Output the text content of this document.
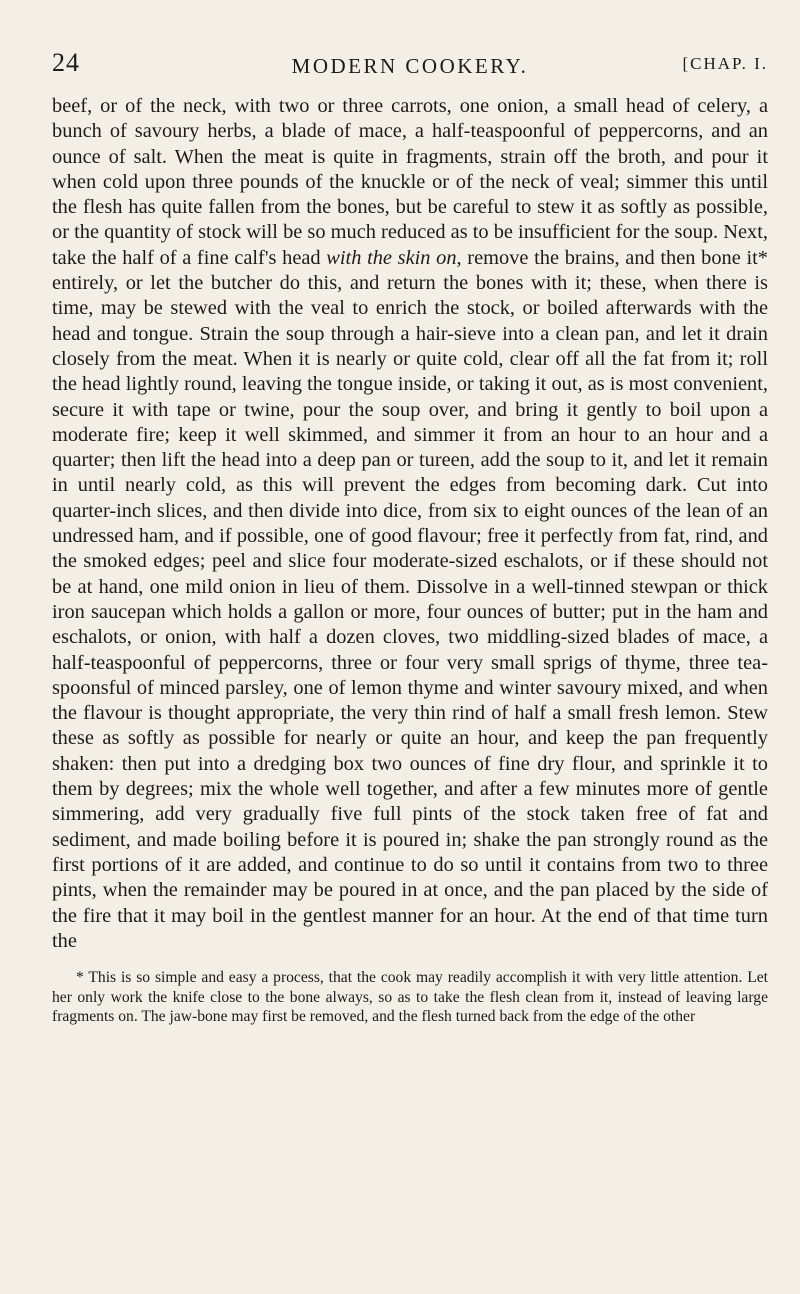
24	MODERN COOKERY.	[CHAP. I.

beef, or of the neck, with two or three carrots, one onion, a small head of celery, a bunch of savoury herbs, a blade of mace, a half-teaspoonful of peppercorns, and an ounce of salt. When the meat is quite in fragments, strain off the broth, and pour it when cold upon three pounds of the knuckle or of the neck of veal; simmer this until the flesh has quite fallen from the bones, but be careful to stew it as softly as possible, or the quantity of stock will be so much reduced as to be insufficient for the soup. Next, take the half of a fine calf's head with the skin on, remove the brains, and then bone it* entirely, or let the butcher do this, and return the bones with it; these, when there is time, may be stewed with the veal to enrich the stock, or boiled afterwards with the head and tongue. Strain the soup through a hair-sieve into a clean pan, and let it drain closely from the meat. When it is nearly or quite cold, clear off all the fat from it; roll the head lightly round, leaving the tongue inside, or taking it out, as is most convenient, secure it with tape or twine, pour the soup over, and bring it gently to boil upon a moderate fire; keep it well skimmed, and simmer it from an hour to an hour and a quarter; then lift the head into a deep pan or tureen, add the soup to it, and let it remain in until nearly cold, as this will prevent the edges from becoming dark. Cut into quarter-inch slices, and then divide into dice, from six to eight ounces of the lean of an undressed ham, and if possible, one of good flavour; free it perfectly from fat, rind, and the smoked edges; peel and slice four moderate-sized eschalots, or if these should not be at hand, one mild onion in lieu of them. Dissolve in a well-tinned stewpan or thick iron saucepan which holds a gallon or more, four ounces of butter; put in the ham and eschalots, or onion, with half a dozen cloves, two middling-sized blades of mace, a half-teaspoonful of peppercorns, three or four very small sprigs of thyme, three tea-spoonsful of minced parsley, one of lemon thyme and winter savoury mixed, and when the flavour is thought appropriate, the very thin rind of half a small fresh lemon. Stew these as softly as possible for nearly or quite an hour, and keep the pan frequently shaken: then put into a dredging box two ounces of fine dry flour, and sprinkle it to them by degrees; mix the whole well together, and after a few minutes more of gentle simmering, add very gradually five full pints of the stock taken free of fat and sediment, and made boiling before it is poured in; shake the pan strongly round as the first portions of it are added, and continue to do so until it contains from two to three pints, when the remainder may be poured in at once, and the pan placed by the side of the fire that it may boil in the gentlest manner for an hour. At the end of that time turn the

* This is so simple and easy a process, that the cook may readily accomplish it with very little attention. Let her only work the knife close to the bone always, so as to take the flesh clean from it, instead of leaving large fragments on. The jaw-bone may first be removed, and the flesh turned back from the edge of the other
